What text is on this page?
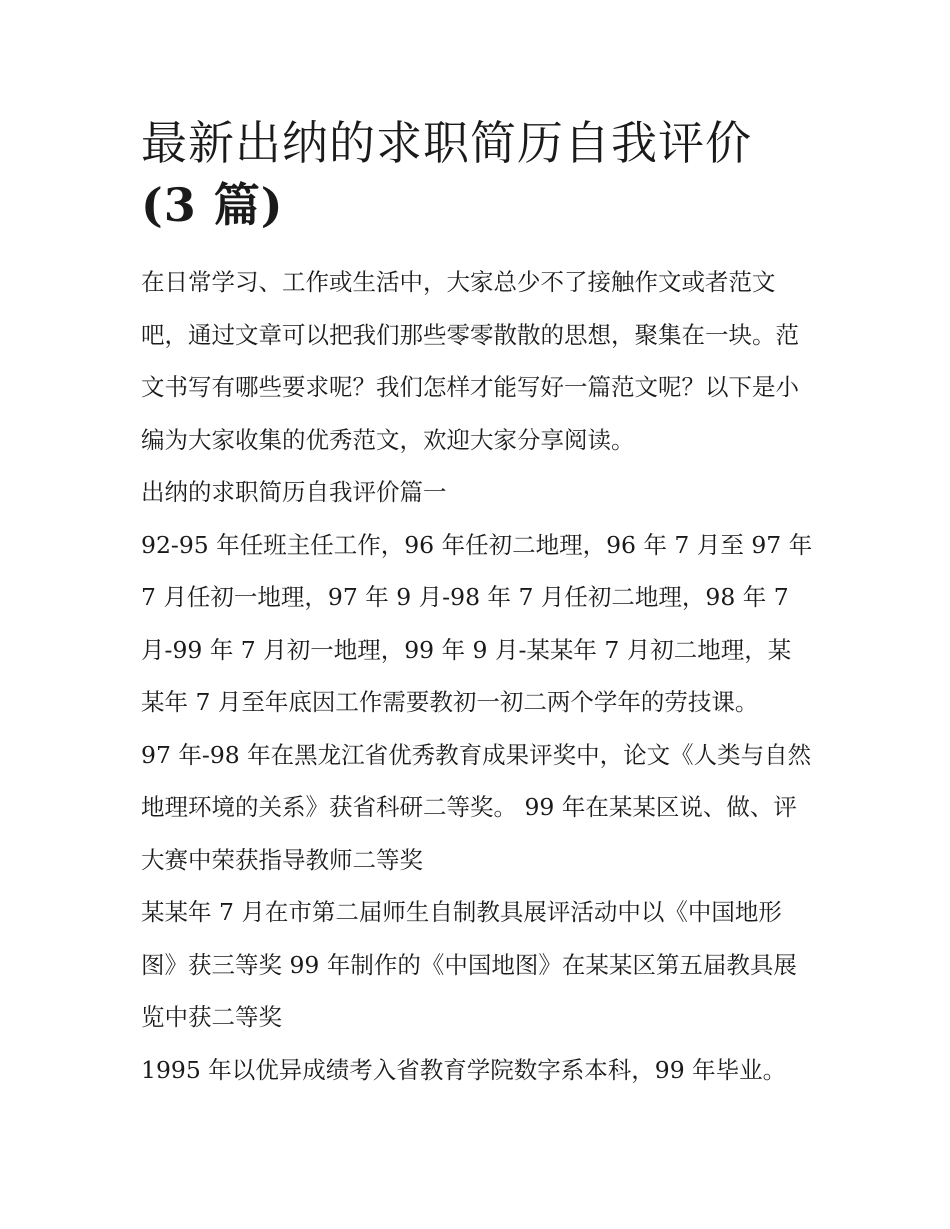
最新出纳的求职简历自我评价
(3 篇)

在日常学习、工作或生活中，大家总少不了接触作文或者范文吧，通过文章可以把我们那些零零散散的思想，聚集在一块。范文书写有哪些要求呢？我们怎样才能写好一篇范文呢？以下是小编为大家收集的优秀范文，欢迎大家分享阅读。

出纳的求职简历自我评价篇一

92-95 年任班主任工作，96 年任初二地理，96 年 7 月至 97 年 7 月任初一地理，97 年 9 月-98 年 7 月任初二地理，98 年 7 月-99 年 7 月初一地理，99 年 9 月-某某年 7 月初二地理，某某年 7 月至年底因工作需要教初一初二两个学年的劳技课。

97 年-98 年在黑龙江省优秀教育成果评奖中，论文《人类与自然地理环境的关系》获省科研二等奖。 99 年在某某区说、做、评大赛中荣获指导教师二等奖

某某年 7 月在市第二届师生自制教具展评活动中以《中国地形图》获三等奖 99 年制作的《中国地图》在某某区第五届教具展览中获二等奖

1995 年以优异成绩考入省教育学院数字系本科，99 年毕业。
